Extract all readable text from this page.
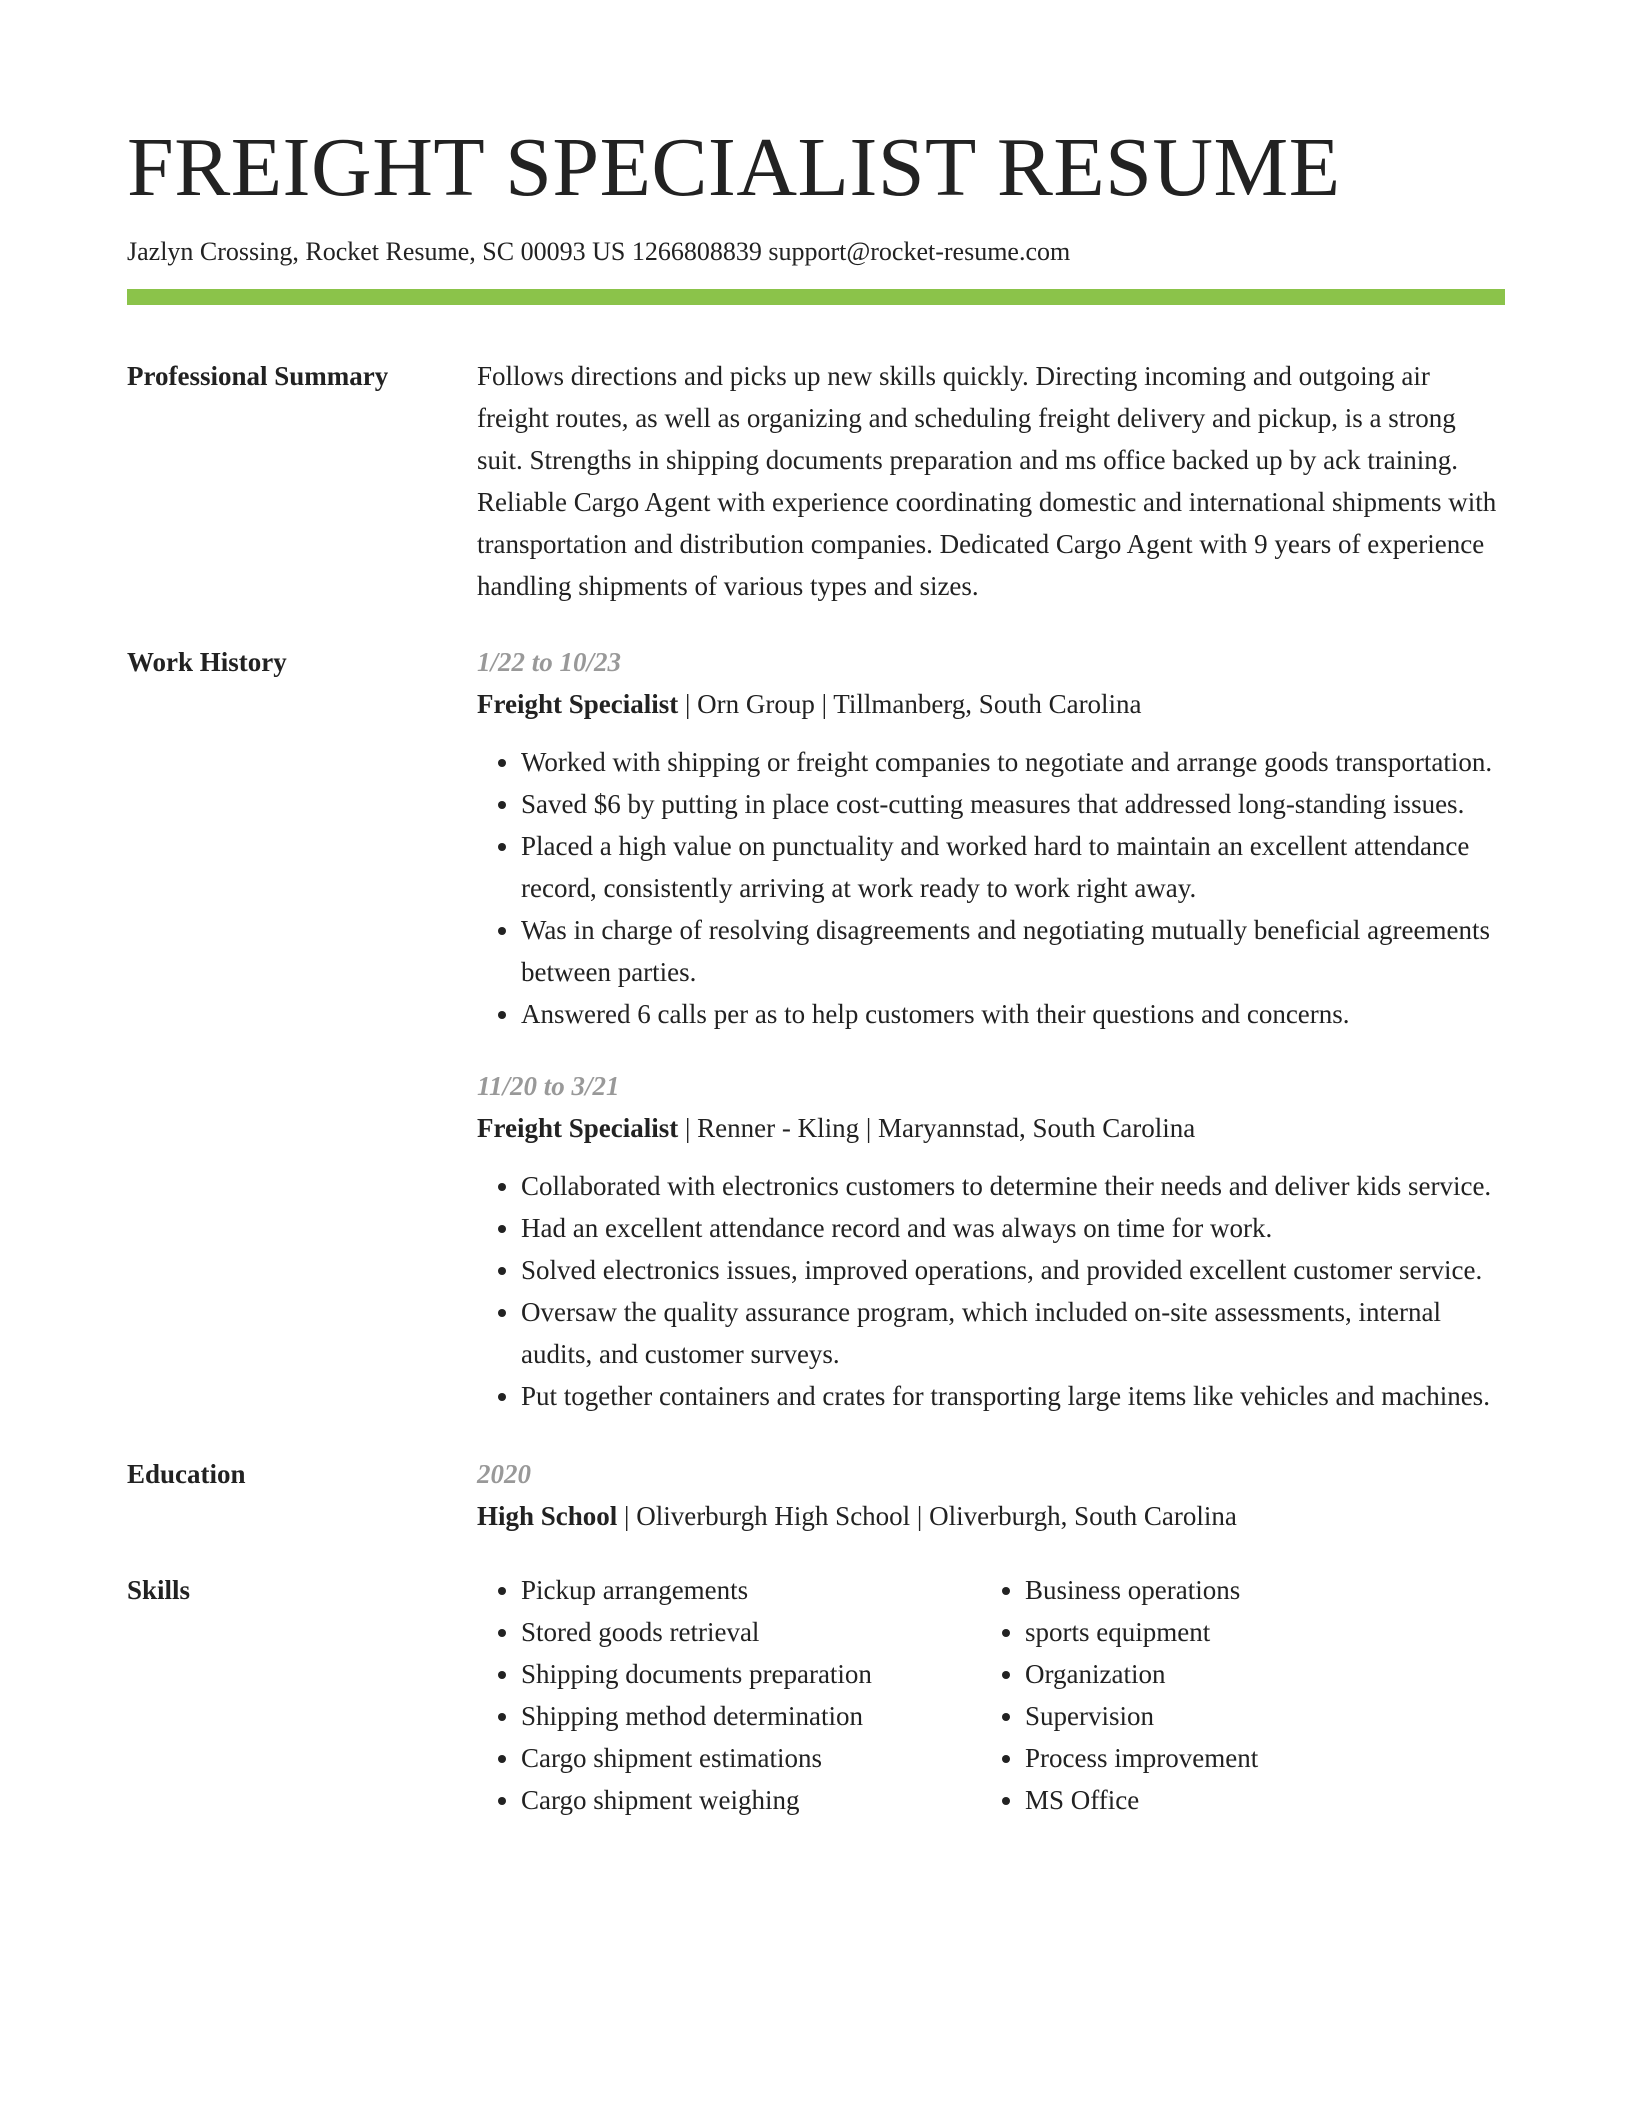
FREIGHT SPECIALIST RESUME
Jazlyn Crossing, Rocket Resume, SC 00093 US 1266808839 support@rocket-resume.com
Professional Summary	Follows directions and picks up new skills quickly. Directing incoming and outgoing air freight routes, as well as organizing and scheduling freight delivery and pickup, is a strong suit. Strengths in shipping documents preparation and ms office backed up by ack training. Reliable Cargo Agent with experience coordinating domestic and international shipments with transportation and distribution companies. Dedicated Cargo Agent with 9 years of experience handling shipments of various types and sizes.
Work History	1/22 to 10/23
Freight Specialist | Orn Group | Tillmanberg, South Carolina
• Worked with shipping or freight companies to negotiate and arrange goods transportation.
• Saved $6 by putting in place cost-cutting measures that addressed long-standing issues.
• Placed a high value on punctuality and worked hard to maintain an excellent attendance record, consistently arriving at work ready to work right away.
• Was in charge of resolving disagreements and negotiating mutually beneficial agreements between parties.
• Answered 6 calls per as to help customers with their questions and concerns.
11/20 to 3/21
Freight Specialist | Renner - Kling | Maryannstad, South Carolina
• Collaborated with electronics customers to determine their needs and deliver kids service.
• Had an excellent attendance record and was always on time for work.
• Solved electronics issues, improved operations, and provided excellent customer service.
• Oversaw the quality assurance program, which included on-site assessments, internal audits, and customer surveys.
• Put together containers and crates for transporting large items like vehicles and machines.
Education	2020
High School | Oliverburgh High School | Oliverburgh, South Carolina
Skills
•	Pickup arrangements
• Stored goods retrieval
• Shipping documents preparation
• Shipping method determination
• Cargo shipment estimations
• Cargo shipment weighing
• Business operations
• sports equipment
• Organization
• Supervision
• Process improvement
• MS Office
